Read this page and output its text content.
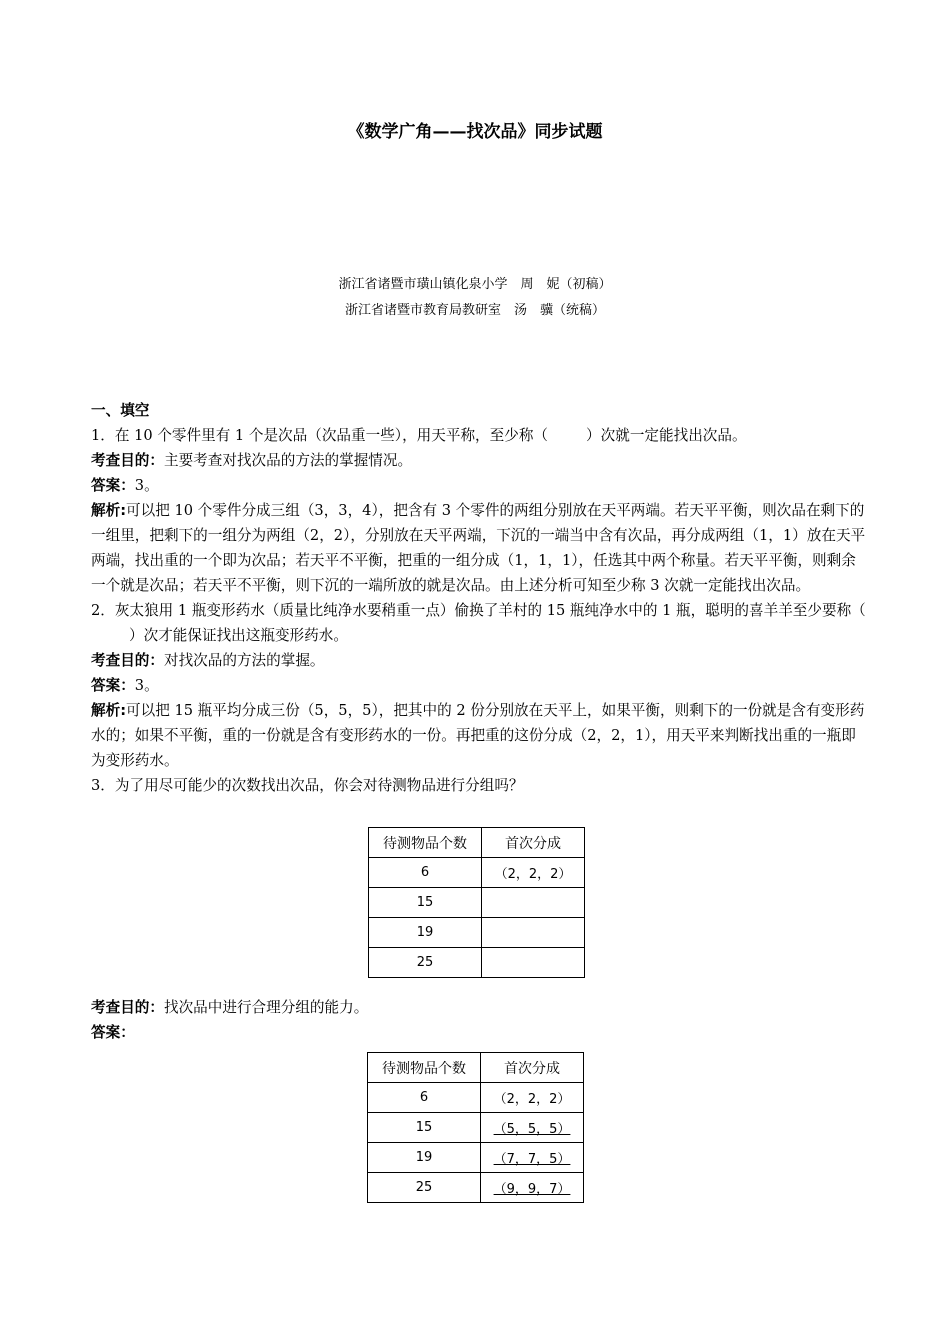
《数学广角——找次品》同步试题
浙江省诸暨市璜山镇化泉小学　周　妮（初稿）
浙江省诸暨市教育局教研室　汤　骥（统稿）

一、填空

1．在 10 个零件里有 1 个是次品（次品重一些），用天平称，至少称（	）次就一定能找出次品。

考查目的：主要考查对找次品的方法的掌握情况。

答案：3。

解析:可以把 10 个零件分成三组（3，3，4），把含有 3 个零件的两组分别放在天平两端。若天平平衡，则次品在剩下的一组里，把剩下的一组分为两组（2，2），分别放在天平两端，下沉的一端当中含有次品，再分成两组（1，1）放在天平两端，找出重的一个即为次品；若天平不平衡，把重的一组分成（1，1，1），任选其中两个称量。若天平平衡，则剩余一个就是次品；若天平不平衡，则下沉的一端所放的就是次品。由上述分析可知至少称 3 次就一定能找出次品。

2．灰太狼用 1 瓶变形药水（质量比纯净水要稍重一点）偷换了羊村的 15 瓶纯净水中的 1 瓶，聪明的喜羊羊至少要称（）次才能保证找出这瓶变形药水。

考查目的：对找次品的方法的掌握。

答案：3。

解析:可以把 15 瓶平均分成三份（5，5，5），把其中的 2 份分别放在天平上，如果平衡，则剩下的一份就是含有变形药水的；如果不平衡，重的一份就是含有变形药水的一份。再把重的这份分成（2，2，1），用天平来判断找出重的一瓶即为变形药水。

3．为了用尽可能少的次数找出次品，你会对待测物品进行分组吗？

待测物品个数	首次分成
6	（2，2，2）
15	
19	
25	

考查目的：找次品中进行合理分组的能力。

答案：

待测物品个数	首次分成
6	（2，2，2）
15	（5，5，5）
19	（7，7，5）
25	（9，9，7）
